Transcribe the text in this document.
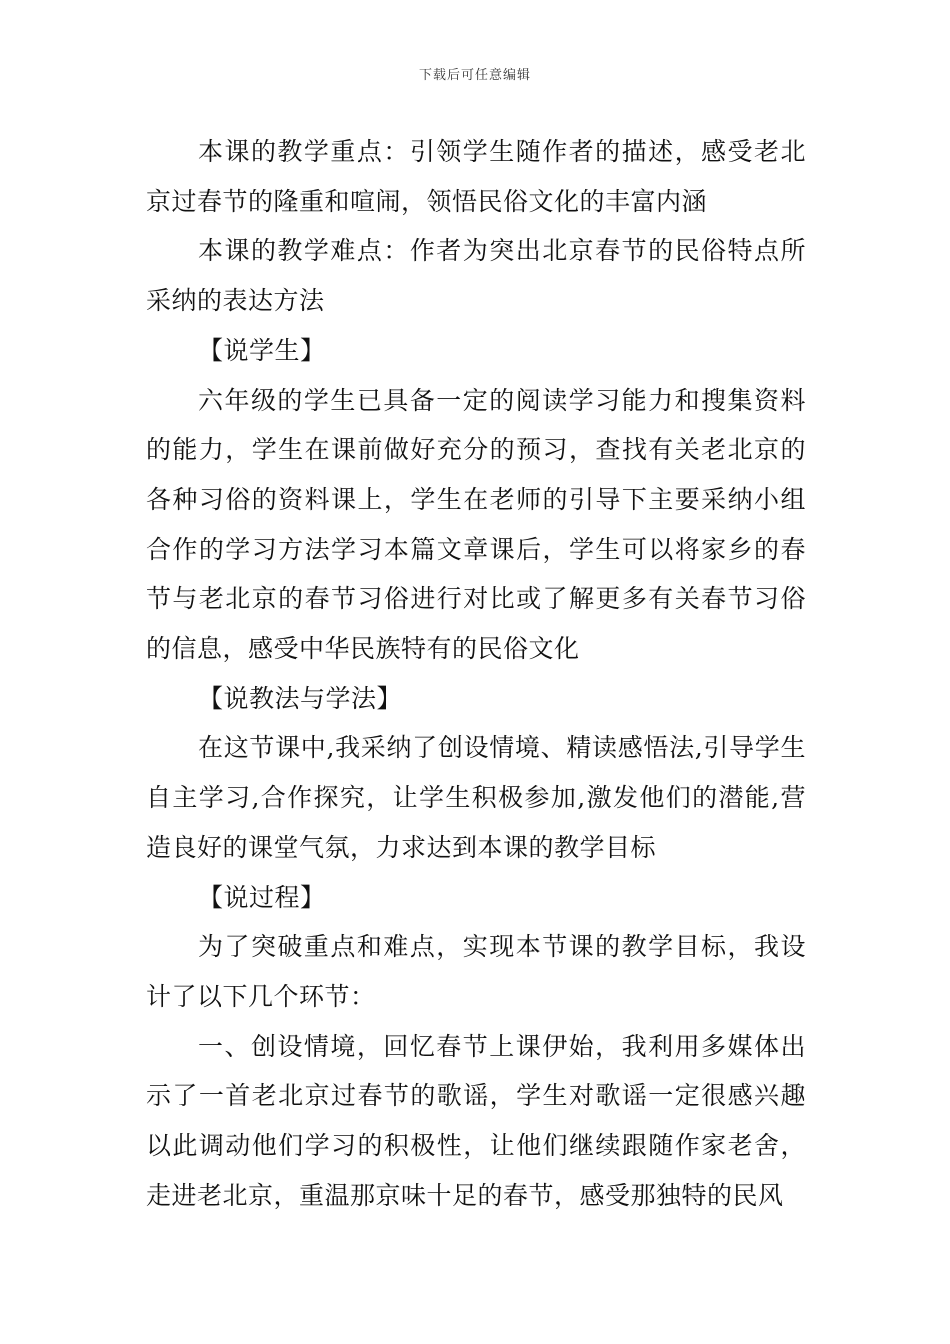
下载后可任意编辑

本课的教学重点：引领学生随作者的描述，感受老北京过春节的隆重和喧闹，领悟民俗文化的丰富内涵

本课的教学难点：作者为突出北京春节的民俗特点所采纳的表达方法

【说学生】

六年级的学生已具备一定的阅读学习能力和搜集资料的能力，学生在课前做好充分的预习，查找有关老北京的各种习俗的资料课上，学生在老师的引导下主要采纳小组合作的学习方法学习本篇文章课后，学生可以将家乡的春节与老北京的春节习俗进行对比或了解更多有关春节习俗的信息，感受中华民族特有的民俗文化

【说教法与学法】

在这节课中,我采纳了创设情境、精读感悟法,引导学生自主学习,合作探究，让学生积极参加,激发他们的潜能,营造良好的课堂气氛，力求达到本课的教学目标

【说过程】

为了突破重点和难点，实现本节课的教学目标，我设计了以下几个环节：

一、创设情境，回忆春节上课伊始，我利用多媒体出示了一首老北京过春节的歌谣，学生对歌谣一定很感兴趣以此调动他们学习的积极性，让他们继续跟随作家老舍，走进老北京，重温那京味十足的春节，感受那独特的民风
